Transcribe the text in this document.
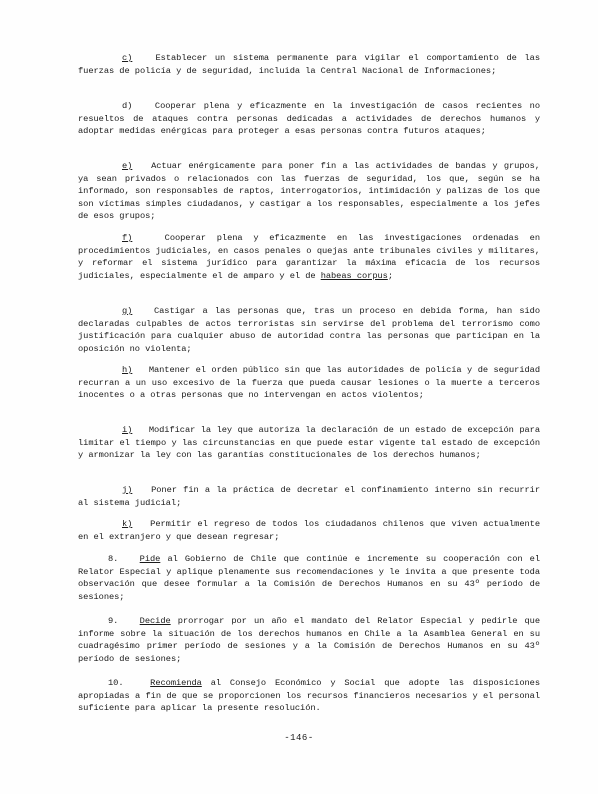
c)	Establecer un sistema permanente para vigilar el comportamiento de las fuerzas de policía y de seguridad, incluida la Central Nacional de Informaciones;

d)	Cooperar plena y eficazmente en la investigación de casos recientes no resueltos de ataques contra personas dedicadas a actividades de derechos humanos y adoptar medidas enérgicas para proteger a esas personas contra futuros ataques;

e) Actuar enérgicamente para poner fin a las actividades de bandas y grupos, ya sean privados o relacionados con las fuerzas de seguridad, los que, según se ha informado, son responsables de raptos, interrogatorios, intimidación y palizas de los que son víctimas simples ciudadanos, y castigar a los responsables, especialmente a los jefes de esos grupos;

f)	Cooperar plena y eficazmente en las investigaciones ordenadas en procedimientos judiciales, en casos penales o quejas ante tribunales civiles y militares, y reformar el sistema jurídico para garantizar la máxima eficacia de los recursos judiciales, especialmente el de amparo y el de habeas corpus;

g) Castigar a las personas que, tras un proceso en debida forma, han sido declaradas culpables de actos terroristas sin servirse del problema del terrorismo como justificación para cualquier abuso de autoridad contra las personas que participan en la oposición no violenta;

h) Mantener el orden público sin que las autoridades de policía y de seguridad recurran a un uso excesivo de la fuerza que pueda causar lesiones o la muerte a terceros inocentes o a otras personas que no intervengan en actos violentos;

i) Modificar la ley que autoriza la declaración de un estado de excepción para limitar el tiempo y las circunstancias en que puede estar vigente tal estado de excepción y armonizar la ley con las garantías constitucionales de los derechos humanos;

j) Poner fin a la práctica de decretar el confinamiento interno sin recurrir al sistema judicial;

k) Permitir el regreso de todos los ciudadanos chilenos que viven actualmente en el extranjero y que desean regresar;

8. Pide al Gobierno de Chile que continúe e incremente su cooperación con el Relator Especial y aplique plenamente sus recomendaciones y le invita a que presente toda observación que desee formular a la Comisión de Derechos Humanos en su 43º período de sesiones;

9. Decide prorrogar por un año el mandato del Relator Especial y pedirle que informe sobre la situación de los derechos humanos en Chile a la Asamblea General en su cuadragésimo primer período de sesiones y a la Comisión de Derechos Humanos en su 43º período de sesiones;

10.	Recomienda al Consejo Económico y Social que adopte las disposiciones apropiadas a fin de que se proporcionen los recursos financieros necesarios y el personal suficiente para aplicar la presente resolución.

-146-
